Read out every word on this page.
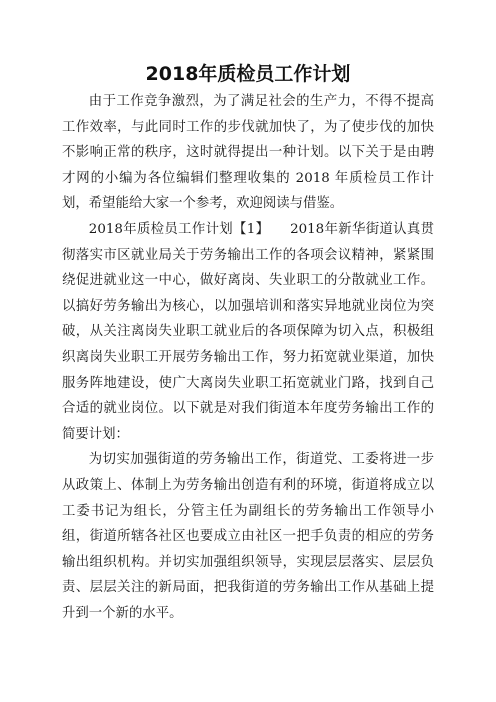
2018年质检员工作计划

由于工作竞争激烈，为了满足社会的生产力，不得不提高工作效率，与此同时工作的步伐就加快了，为了使步伐的加快不影响正常的秩序，这时就得提出一种计划。以下关于是由聘才网的小编为各位编辑们整理收集的 2018 年质检员工作计划，希望能给大家一个参考，欢迎阅读与借鉴。

2018年质检员工作计划【1】　　2018年新华街道认真贯彻落实市区就业局关于劳务输出工作的各项会议精神，紧紧围绕促进就业这一中心，做好离岗、失业职工的分散就业工作。以搞好劳务输出为核心，以加强培训和落实异地就业岗位为突破，从关注离岗失业职工就业后的各项保障为切入点，积极组织离岗失业职工开展劳务输出工作，努力拓宽就业渠道，加快服务阵地建设，使广大离岗失业职工拓宽就业门路，找到自己合适的就业岗位。以下就是对我们街道本年度劳务输出工作的简要计划：

为切实加强街道的劳务输出工作，街道党、工委将进一步从政策上、体制上为劳务输出创造有利的环境，街道将成立以工委书记为组长，分管主任为副组长的劳务输出工作领导小组，街道所辖各社区也要成立由社区一把手负责的相应的劳务输出组织机构。并切实加强组织领导，实现层层落实、层层负责、层层关注的新局面，把我街道的劳务输出工作从基础上提升到一个新的水平。
